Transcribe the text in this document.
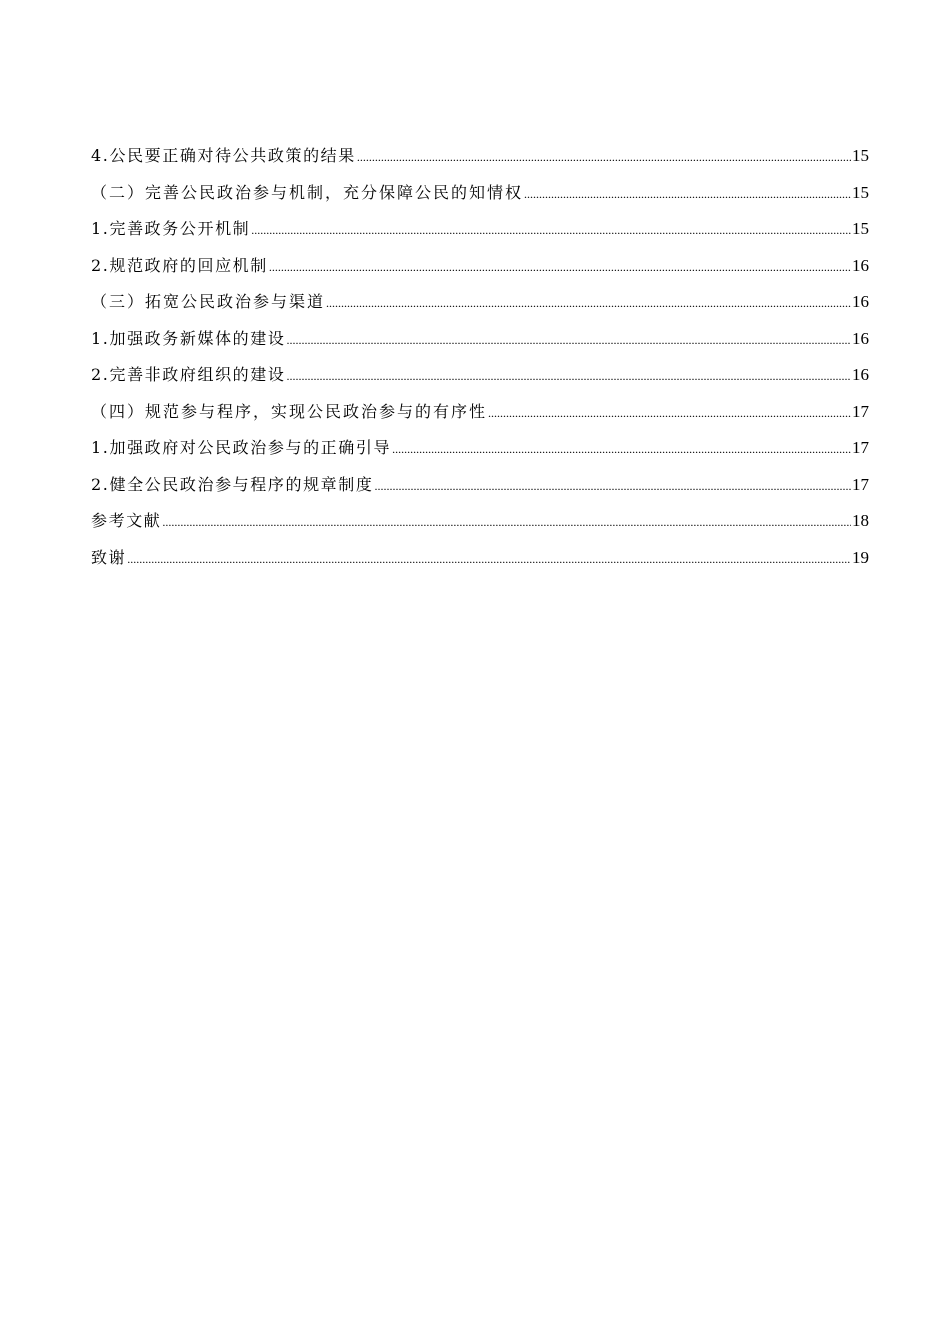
4.公民要正确对待公共政策的结果 .....	15
（二）完善公民政治参与机制，充分保障公民的知情权 .....	15
1.完善政务公开机制 .....	15
2.规范政府的回应机制 .....	16
（三）拓宽公民政治参与渠道 .....	16
1.加强政务新媒体的建设 .....	16
2.完善非政府组织的建设 .....	16
（四）规范参与程序，实现公民政治参与的有序性 .....	17
1.加强政府对公民政治参与的正确引导 .....	17
2.健全公民政治参与程序的规章制度 .....	17
参考文献 .....	18
致谢 .....	19
